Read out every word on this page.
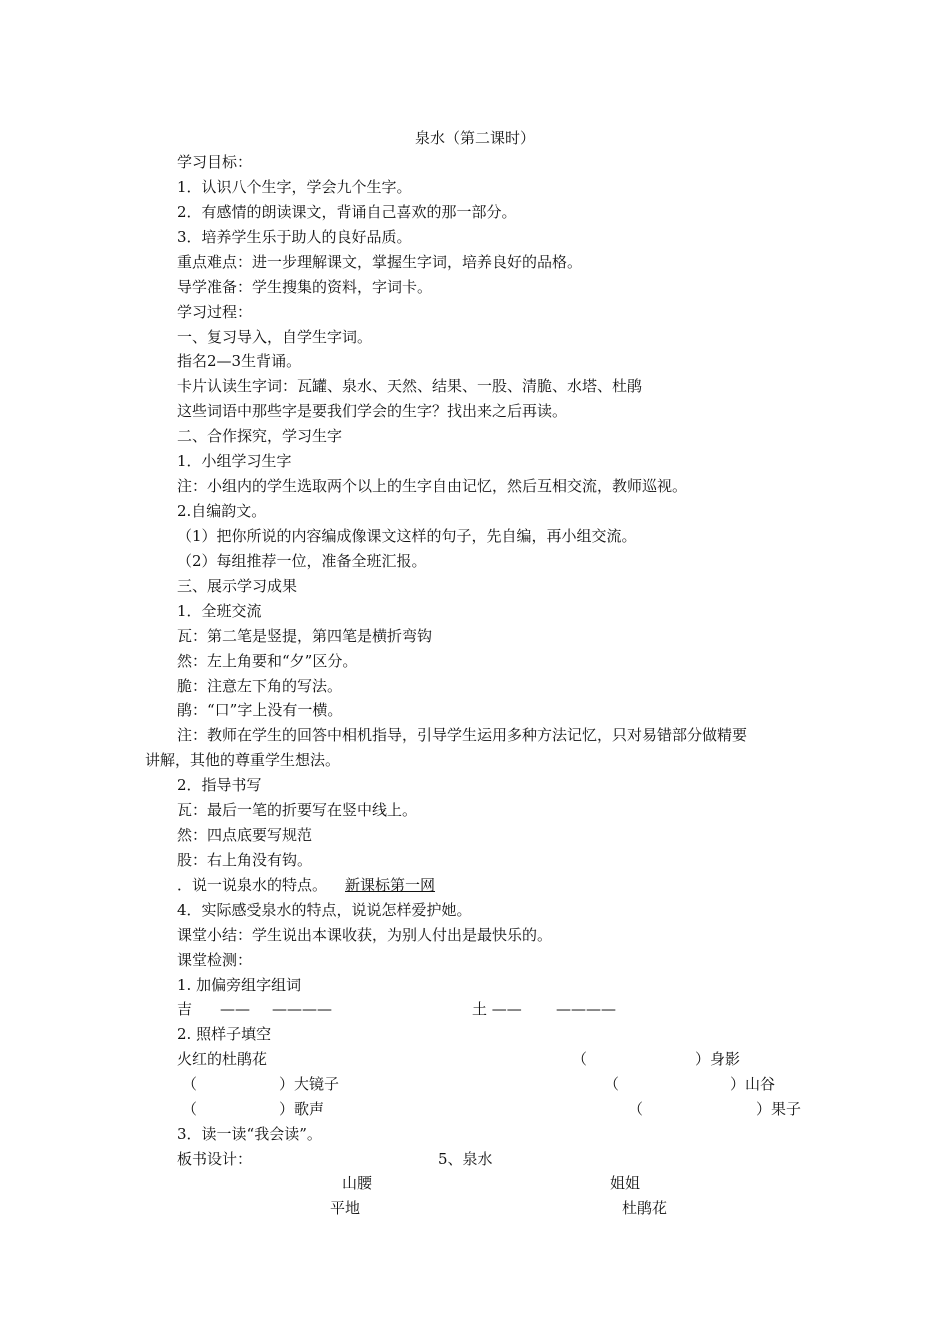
泉水（第二课时）
学习目标：
1．认识八个生字，学会九个生字。
2．有感情的朗读课文，背诵自己喜欢的那一部分。
3．培养学生乐于助人的良好品质。
重点难点：进一步理解课文，掌握生字词，培养良好的品格。
导学准备：学生搜集的资料，字词卡。
学习过程：
一、复习导入，自学生字词。
指名2—3生背诵。
卡片认读生字词：瓦罐、泉水、天然、结果、一股、清脆、水塔、杜鹃
这些词语中那些字是要我们学会的生字？找出来之后再读。
二、合作探究，学习生字
1．小组学习生字
注：小组内的学生选取两个以上的生字自由记忆，然后互相交流，教师巡视。
2.自编韵文。
（1）把你所说的内容编成像课文这样的句子，先自编，再小组交流。
（2）每组推荐一位，准备全班汇报。
三、展示学习成果
1．全班交流
瓦：第二笔是竖提，第四笔是横折弯钩
然：左上角要和“夕”区分。
脆：注意左下角的写法。
鹃：“口”字上没有一横。
注：教师在学生的回答中相机指导，引导学生运用多种方法记忆，只对易错部分做精要
讲解，其他的尊重学生想法。
2．指导书写
瓦：最后一笔的折要写在竖中线上。
然：四点底要写规范
股：右上角没有钩。
．说一说泉水的特点。 新课标第一网
4．实际感受泉水的特点，说说怎样爱护她。
课堂小结：学生说出本课收获，为别人付出是最快乐的。
课堂检测：
1. 加偏旁组字组词
吉 —— ————	土 —— ————
2. 照样子填空
火红的杜鹃花	（	）身影
（	）大镜子	（	）山谷
（	）歌声	（	）果子
3．读一读“我会读”。
板书设计：	5、泉水
山腰	姐姐
平地	杜鹃花
